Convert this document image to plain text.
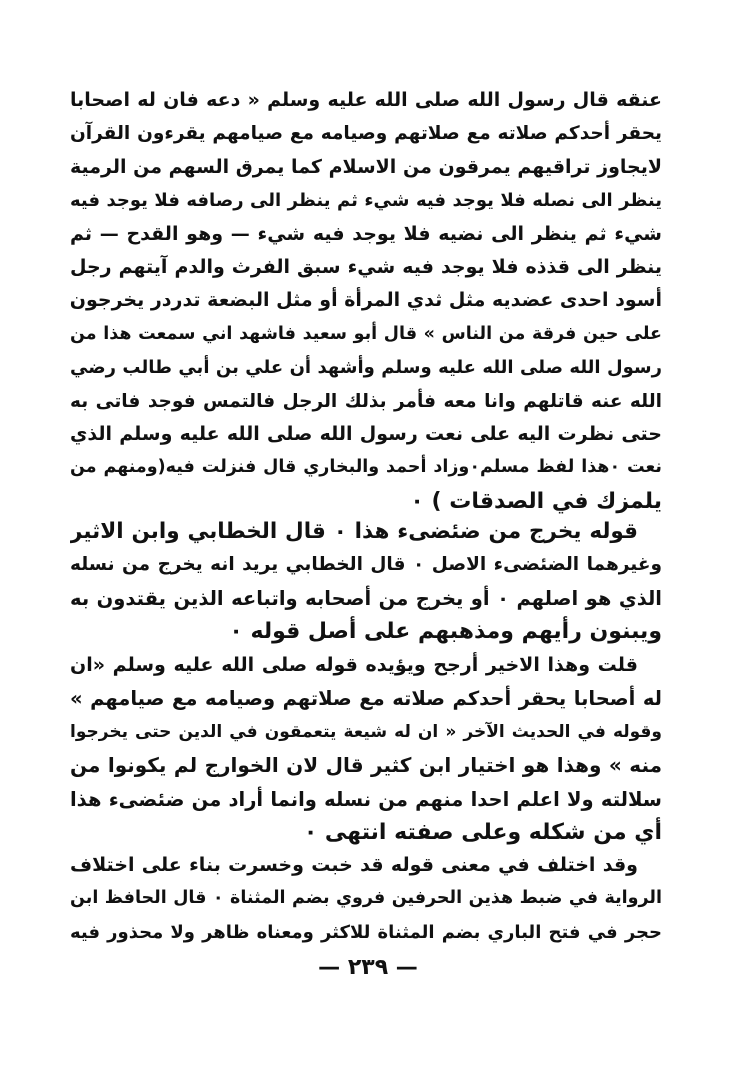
عنقه قال رسول الله صلى الله عليه وسلم « دعه فان له اصحابا
يحقر أحدكم صلاته مع صلاتهم وصيامه مع صيامهم يقرءون القرآن
لايجاوز تراقيهم يمرقون من الاسلام كما يمرق السهم من الرمية
ينظر الى نصله فلا يوجد فيه شيء ثم ينظر الى رصافه فلا يوجد فيه
شيء ثم ينظر الى نضيه فلا يوجد فيه شيء — وهو القدح — ثم
ينظر الى قذذه فلا يوجد فيه شيء سبق الفرث والدم آيتهم رجل
أسود احدى عضديه مثل ثدي المرأة أو مثل البضعة تدردر يخرجون
على حين فرقة من الناس » قال أبو سعيد فاشهد اني سمعت هذا من
رسول الله صلى الله عليه وسلم وأشهد أن علي بن أبي طالب رضي
الله عنه قاتلهم وانا معه فأمر بذلك الرجل فالتمس فوجد فاتى به
حتى نظرت اليه على نعت رسول الله صلى الله عليه وسلم الذي
نعت ٠هذا لفظ مسلم٠وزاد أحمد والبخاري قال فنزلت فيه(ومنهم من
يلمزك في الصدقات ) ٠
قوله يخرج من ضئضىء هذا ٠ قال الخطابي وابن الاثير
وغيرهما الضئضىء الاصل ٠ قال الخطابي يريد انه يخرج من نسله
الذي هو اصلهم ٠ أو يخرج من أصحابه واتباعه الذين يقتدون به
ويبنون رأيهم ومذهبهم على أصل قوله ٠
قلت وهذا الاخير أرجح ويؤيده قوله صلى الله عليه وسلم «ان
له أصحابا يحقر أحدكم صلاته مع صلاتهم وصيامه مع صيامهم »
وقوله في الحديث الآخر « ان له شيعة يتعمقون في الدين حتى يخرجوا
منه » وهذا هو اختيار ابن كثير قال لان الخوارج لم يكونوا من
سلالته ولا اعلم احدا منهم من نسله وانما أراد من ضئضىء هذا
أي من شكله وعلى صفته انتهى ٠
وقد اختلف في معنى قوله قد خبت وخسرت بناء على اختلاف
الرواية في ضبط هذين الحرفين فروي بضم المثناة ٠ قال الحافظ ابن
حجر في فتح الباري بضم المثناة للاكثر ومعناه ظاهر ولا محذور فيه
— ٢٣٩ —
